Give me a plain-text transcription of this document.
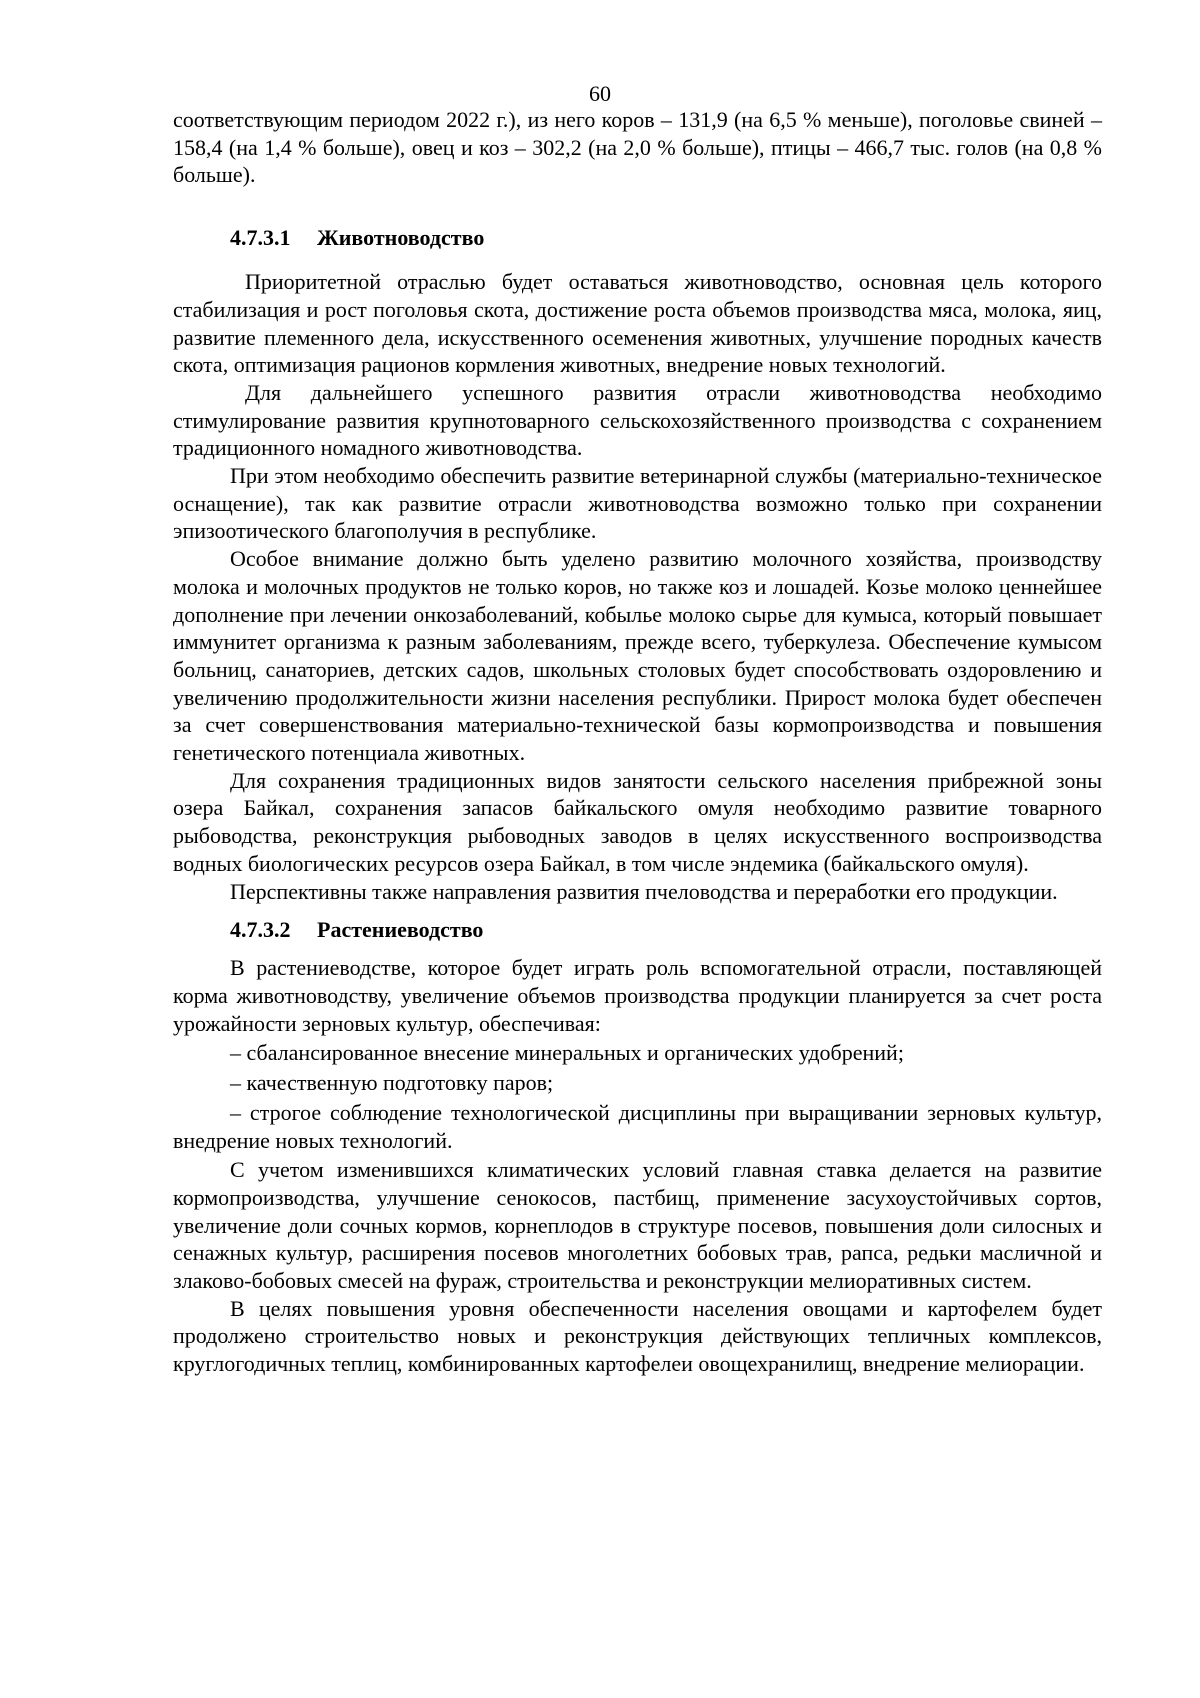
60

соответствующим периодом 2022 г.), из него коров – 131,9 (на 6,5 % меньше), поголовье свиней – 158,4 (на 1,4 % больше), овец и коз – 302,2 (на 2,0 % больше), птицы – 466,7 тыс. голов (на 0,8 % больше).

4.7.3.1 Животноводство

Приоритетной отраслью будет оставаться животноводство, основная цель которого стабилизация и рост поголовья скота, достижение роста объемов производства мяса, молока, яиц, развитие племенного дела, искусственного осеменения животных, улучшение породных качеств скота, оптимизация рационов кормления животных, внедрение новых технологий.

Для дальнейшего успешного развития отрасли животноводства необходимо стимулирование развития крупнотоварного сельскохозяйственного производства с сохранением традиционного номадного животноводства.

При этом необходимо обеспечить развитие ветеринарной службы (материально-техническое оснащение), так как развитие отрасли животноводства возможно только при сохранении эпизоотического благополучия в республике.

Особое внимание должно быть уделено развитию молочного хозяйства, производству молока и молочных продуктов не только коров, но также коз и лошадей. Козье молоко ценнейшее дополнение при лечении онкозаболеваний, кобылье молоко сырье для кумыса, который повышает иммунитет организма к разным заболеваниям, прежде всего, туберкулеза. Обеспечение кумысом больниц, санаториев, детских садов, школьных столовых будет способствовать оздоровлению и увеличению продолжительности жизни населения республики. Прирост молока будет обеспечен за счет совершенствования материально-технической базы кормопроизводства и повышения генетического потенциала животных.

Для сохранения традиционных видов занятости сельского населения прибрежной зоны озера Байкал, сохранения запасов байкальского омуля необходимо развитие товарного рыбоводства, реконструкция рыбоводных заводов в целях искусственного воспроизводства водных биологических ресурсов озера Байкал, в том числе эндемика (байкальского омуля).

Перспективны также направления развития пчеловодства и переработки его продукции.

4.7.3.2 Растениеводство

В растениеводстве, которое будет играть роль вспомогательной отрасли, поставляющей корма животноводству, увеличение объемов производства продукции планируется за счет роста урожайности зерновых культур, обеспечивая:

– сбалансированное внесение минеральных и органических удобрений;

– качественную подготовку паров;

– строгое соблюдение технологической дисциплины при выращивании зерновых культур, внедрение новых технологий.

С учетом изменившихся климатических условий главная ставка делается на развитие кормопроизводства, улучшение сенокосов, пастбищ, применение засухоустойчивых сортов, увеличение доли сочных кормов, корнеплодов в структуре посевов, повышения доли силосных и сенажных культур, расширения посевов многолетних бобовых трав, рапса, редьки масличной и злаково-бобовых смесей на фураж, строительства и реконструкции мелиоративных систем.

В целях повышения уровня обеспеченности населения овощами и картофелем будет продолжено строительство новых и реконструкция действующих тепличных комплексов, круглогодичных теплиц, комбинированных картофелеи овощехранилищ, внедрение мелиорации.
